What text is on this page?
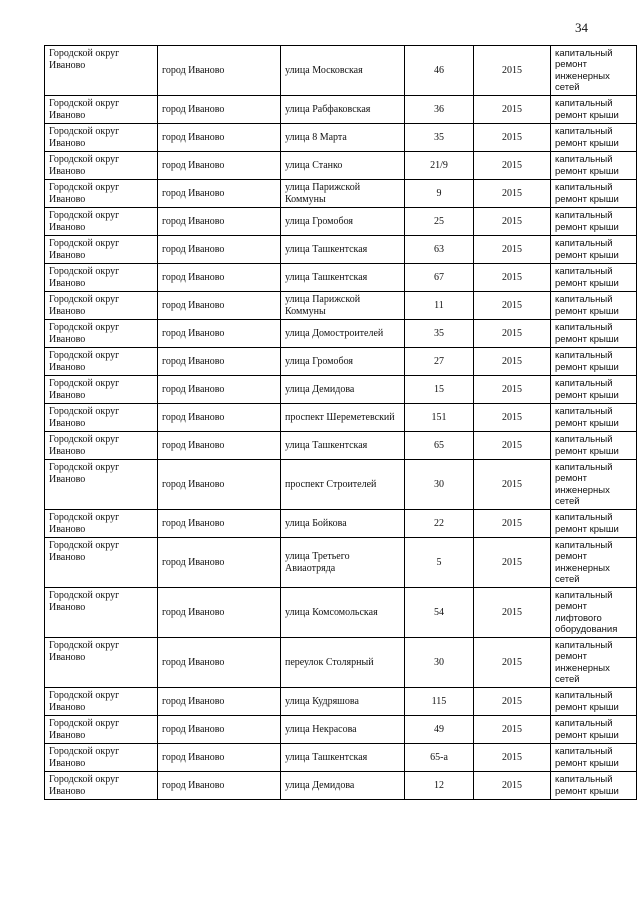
34
Городской округ Иваново	город Иваново	улица Московская	46	2015	капитальный ремонт инженерных сетей
Городской округ Иваново	город Иваново	улица Рабфаковская	36	2015	капитальный ремонт крыши
Городской округ Иваново	город Иваново	улица 8 Марта	35	2015	капитальный ремонт крыши
Городской округ Иваново	город Иваново	улица Станко	21/9	2015	капитальный ремонт крыши
Городской округ Иваново	город Иваново	улица Парижской Коммуны	9	2015	капитальный ремонт крыши
Городской округ Иваново	город Иваново	улица Громобоя	25	2015	капитальный ремонт крыши
Городской округ Иваново	город Иваново	улица Ташкентская	63	2015	капитальный ремонт крыши
Городской округ Иваново	город Иваново	улица Ташкентская	67	2015	капитальный ремонт крыши
Городской округ Иваново	город Иваново	улица Парижской Коммуны	11	2015	капитальный ремонт крыши
Городской округ Иваново	город Иваново	улица Домостроителей	35	2015	капитальный ремонт крыши
Городской округ Иваново	город Иваново	улица Громобоя	27	2015	капитальный ремонт крыши
Городской округ Иваново	город Иваново	улица Демидова	15	2015	капитальный ремонт крыши
Городской округ Иваново	город Иваново	проспект Шереметевский	151	2015	капитальный ремонт крыши
Городской округ Иваново	город Иваново	улица Ташкентская	65	2015	капитальный ремонт крыши
Городской округ Иваново	город Иваново	проспект Строителей	30	2015	капитальный ремонт инженерных сетей
Городской округ Иваново	город Иваново	улица Бойкова	22	2015	капитальный ремонт крыши
Городской округ Иваново	город Иваново	улица Третьего Авиаотряда	5	2015	капитальный ремонт инженерных сетей
Городской округ Иваново	город Иваново	улица Комсомольская	54	2015	капитальный ремонт лифтового оборудования
Городской округ Иваново	город Иваново	переулок Столярный	30	2015	капитальный ремонт инженерных сетей
Городской округ Иваново	город Иваново	улица Кудряшова	115	2015	капитальный ремонт крыши
Городской округ Иваново	город Иваново	улица Некрасова	49	2015	капитальный ремонт крыши
Городской округ Иваново	город Иваново	улица Ташкентская	65-а	2015	капитальный ремонт крыши
Городской округ Иваново	город Иваново	улица Демидова	12	2015	капитальный ремонт крыши
